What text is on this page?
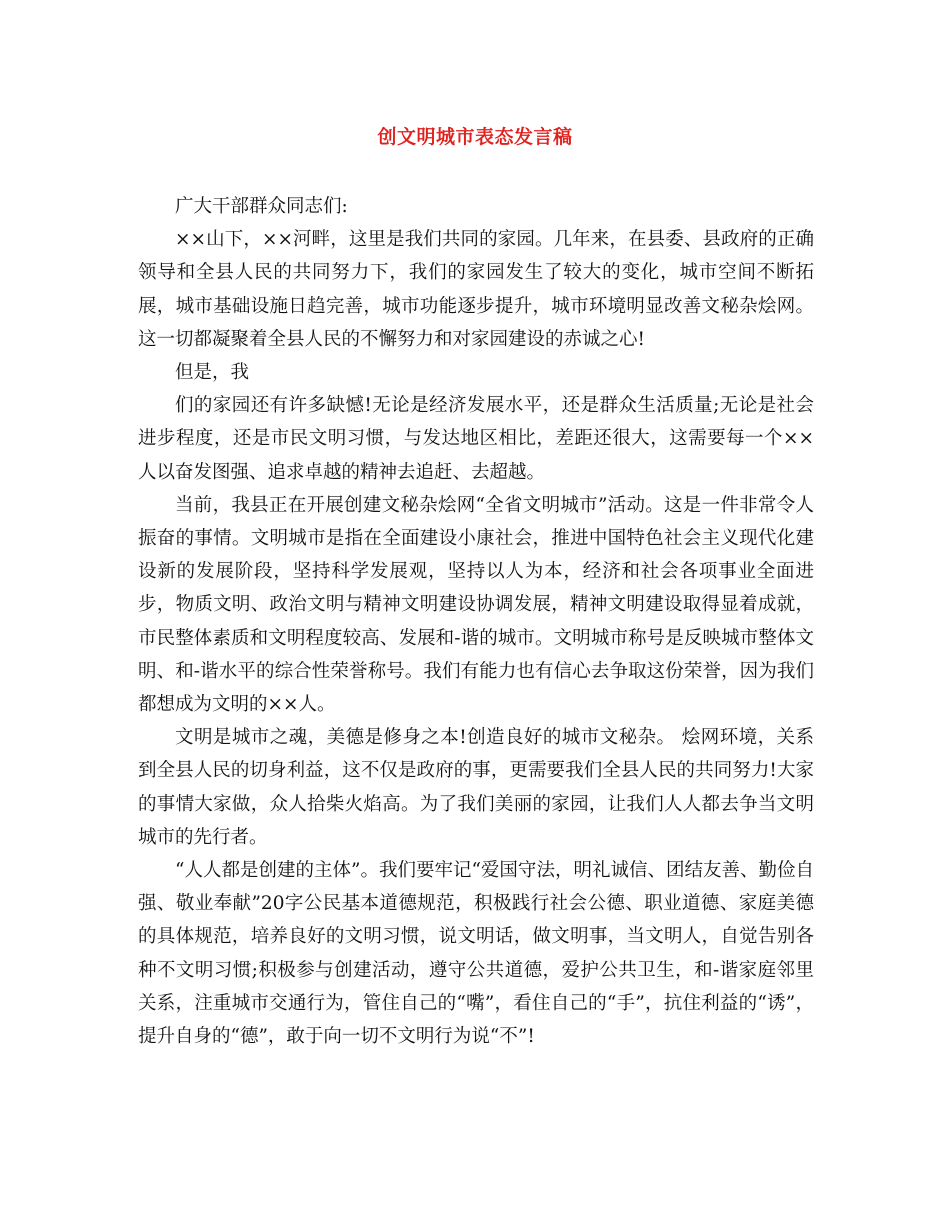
创文明城市表态发言稿

广大干部群众同志们:

××山下，××河畔，这里是我们共同的家园。几年来，在县委、县政府的正确领导和全县人民的共同努力下，我们的家园发生了较大的变化，城市空间不断拓展，城市基础设施日趋完善，城市功能逐步提升，城市环境明显改善文秘杂烩网。这一切都凝聚着全县人民的不懈努力和对家园建设的赤诚之心!

但是，我

们的家园还有许多缺憾!无论是经济发展水平，还是群众生活质量;无论是社会进步程度，还是市民文明习惯，与发达地区相比，差距还很大，这需要每一个××人以奋发图强、追求卓越的精神去追赶、去超越。

当前，我县正在开展创建文秘杂烩网“全省文明城市”活动。这是一件非常令人振奋的事情。文明城市是指在全面建设小康社会，推进中国特色社会主义现代化建设新的发展阶段，坚持科学发展观，坚持以人为本，经济和社会各项事业全面进步，物质文明、政治文明与精神文明建设协调发展，精神文明建设取得显着成就，市民整体素质和文明程度较高、发展和-谐的城市。文明城市称号是反映城市整体文明、和-谐水平的综合性荣誉称号。我们有能力也有信心去争取这份荣誉，因为我们都想成为文明的××人。

文明是城市之魂，美德是修身之本!创造良好的城市文秘杂。 烩网环境，关系到全县人民的切身利益，这不仅是政府的事，更需要我们全县人民的共同努力!大家的事情大家做，众人拾柴火焰高。为了我们美丽的家园，让我们人人都去争当文明城市的先行者。

“人人都是创建的主体”。我们要牢记“爱国守法，明礼诚信、团结友善、勤俭自强、敬业奉献”20字公民基本道德规范，积极践行社会公德、职业道德、家庭美德的具体规范，培养良好的文明习惯，说文明话，做文明事，当文明人，自觉告别各种不文明习惯;积极参与创建活动，遵守公共道德，爱护公共卫生，和-谐家庭邻里关系，注重城市交通行为，管住自己的“嘴”，看住自己的“手”，抗住利益的“诱”，提升自身的“德”，敢于向一切不文明行为说“不”!
